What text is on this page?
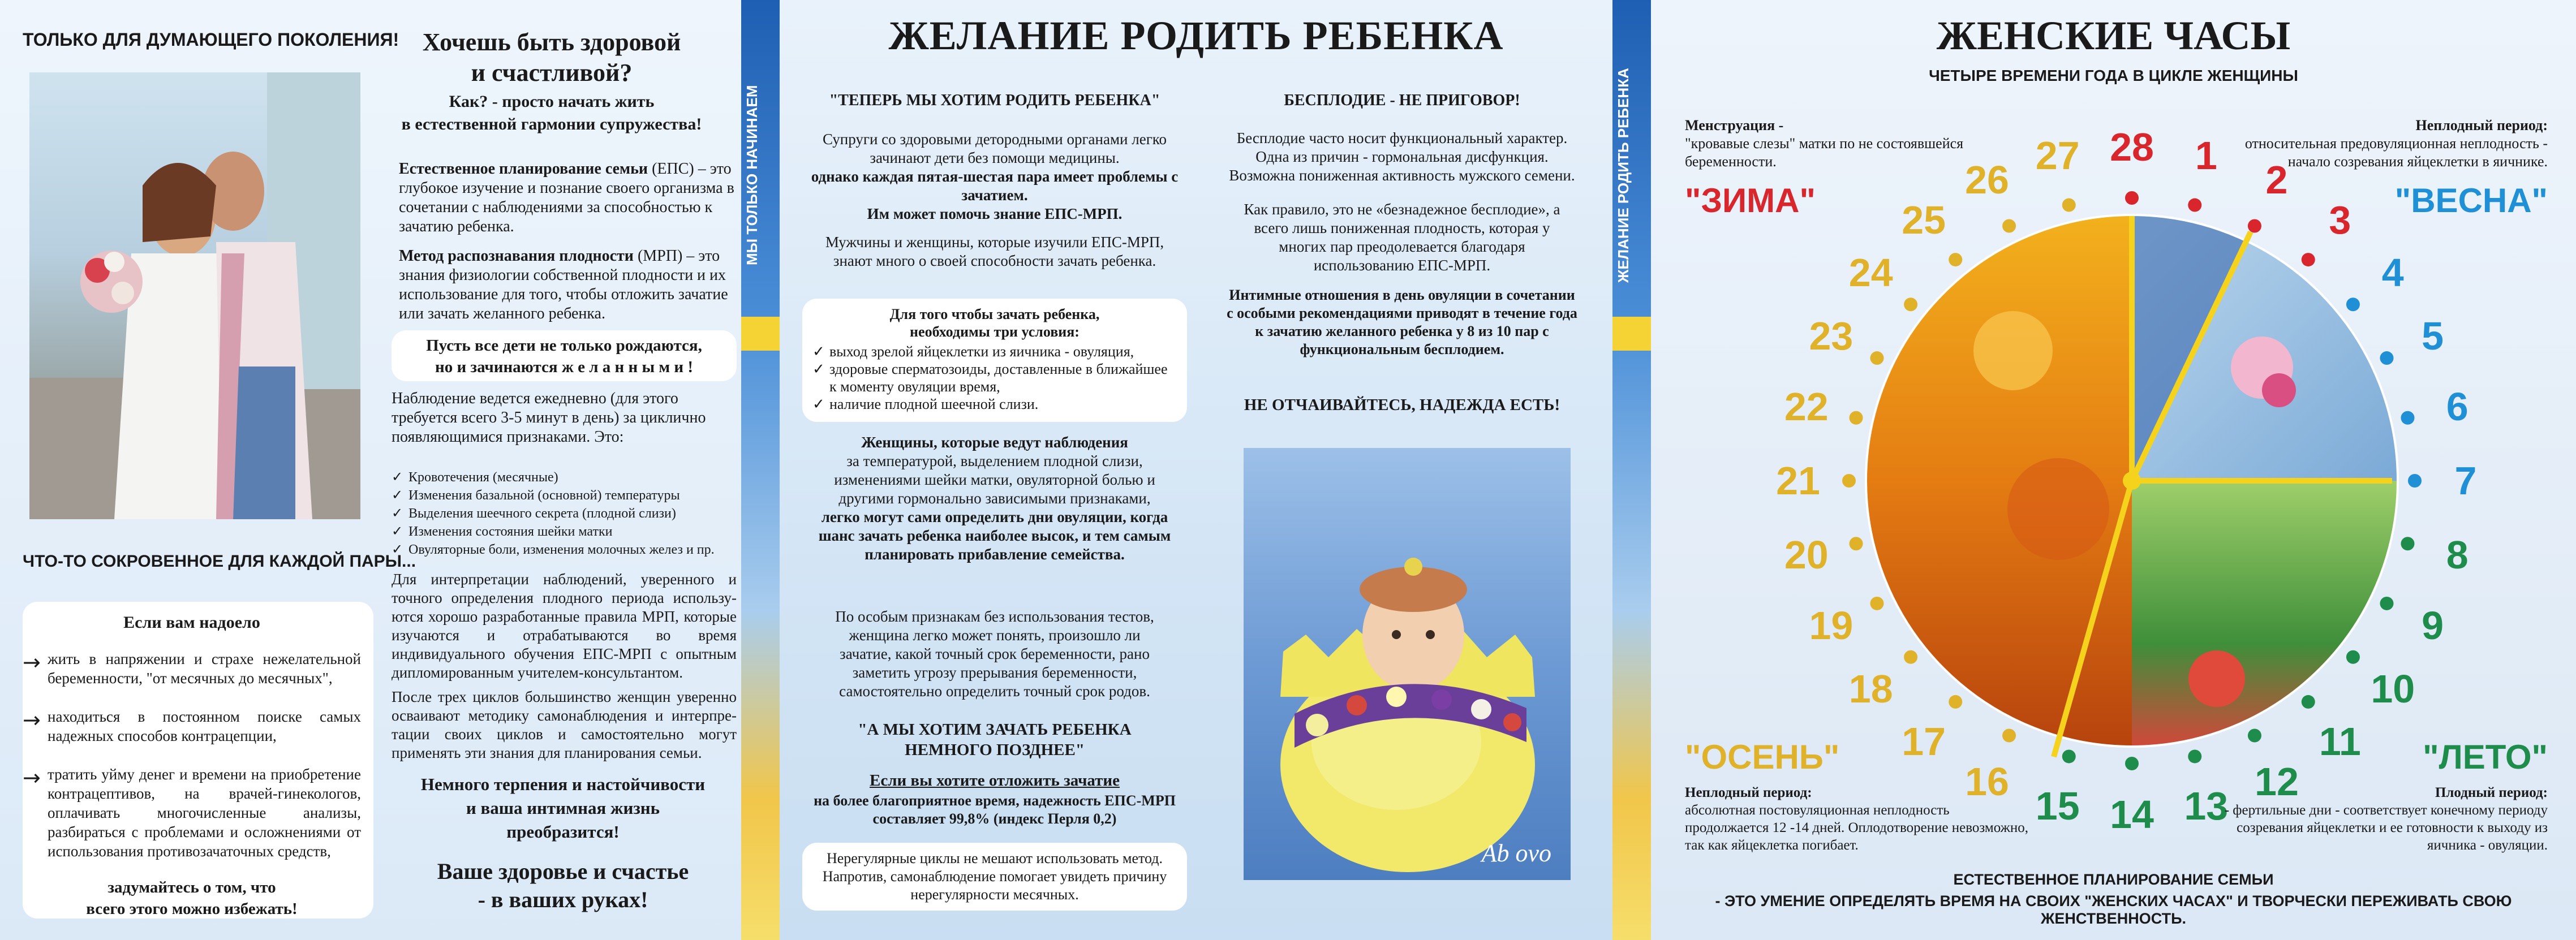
ТОЛЬКО ДЛЯ ДУМАЮЩЕГО ПОКОЛЕНИЯ! Хочешь быть здоровой
и счастливой?
Как? - просто начать жить
в естественной гармонии супружества!
Естественное планирование семьи (ЕПС) – это глубокое изучение и познание своего организма в сочетании с наблюдениями за способностью к зачатию ребенка.
Метод распознавания плодности (МРП) – это знания физиологии собственной плодности и их использование для того, чтобы отложить зачатие или зачать желанного ребенка.
Пусть все дети не только рождаются,
но и зачинаются ж е л а н н ы м и !
Наблюдение ведется ежедневно (для этого требуется всего 3-5 минут в день) за циклично появляющимися признаками. Это:
✓ Кровотечения (месячные)
✓ Изменения базальной (основной) температуры
✓ Выделения шеечного секрета (плодной слизи)
✓ Изменения состояния шейки матки
✓ Овуляторные боли, изменения молочных желез и пр.
Для интерпретации наблюдений, уверенного и точного определения плодного периода использу-ются хорошо разработанные правила МРП, которые изучаются и отрабатываются во время индивидуального обучения ЕПС-МРП с опытным дипломированным учителем-консультантом.
После трех циклов большинство женщин уверенно осваивают методику самонаблюдения и интерпре-тации своих циклов и самостоятельно могут применять эти знания для планирования семьи.
Немного терпения и настойчивости
и ваша интимная жизнь
преобразится!
Ваше здоровье и счастье
- в ваших руках!
ЧТО-ТО СОКРОВЕННОЕ ДЛЯ КАЖДОЙ ПАРЫ...
Если вам надоело
→ жить в напряжении и страхе нежелательной беременности, "от месячных до месячных",
→ находиться в постоянном поиске самых надежных способов контрацепции,
→ тратить уйму денег и времени на приобретение контрацептивов, на врачей-гинекологов, оплачивать многочисленные анализы, разбираться с проблемами и осложнениями от использования противозачаточных средств,
задумайтесь о том, что
всего этого можно избежать!
МЫ ТОЛЬКО НАЧИНАЕМ
ЖЕЛАНИЕ РОДИТЬ РЕБЕНКА
"ТЕПЕРЬ МЫ ХОТИМ РОДИТЬ РЕБЕНКА"
Супруги со здоровыми детородными органами легко зачинают дети без помощи медицины.
однако каждая пятая-шестая пара имеет проблемы с зачатием.
Им может помочь знание ЕПС-МРП.
Мужчины и женщины, которые изучили ЕПС-МРП, знают много о своей способности зачать ребенка.
Для того чтобы зачать ребенка,
необходимы три условия:
✓ выход зрелой яйцеклетки из яичника - овуляция,
✓ здоровые сперматозоиды, доставленные в ближайшее к моменту овуляции время,
✓ наличие плодной шеечной слизи.
Женщины, которые ведут наблюдения
за температурой, выделением плодной слизи, изменениями шейки матки, овуляторной болью и другими гормонально зависимыми признаками,
легко могут сами определить дни овуляции, когда шанс зачать ребенка наиболее высок, и тем самым планировать прибавление семейства.
По особым признакам без использования тестов, женщина легко может понять, произошло ли зачатие, какой точный срок беременности, рано заметить угрозу прерывания беременности, самостоятельно определить точный срок родов.
"А МЫ ХОТИМ ЗАЧАТЬ РЕБЕНКА
НЕМНОГО ПОЗДНЕЕ"
Если вы хотите отложить зачатие
на более благоприятное время, надежность ЕПС-МРП составляет 99,8% (индекс Перля 0,2)
Нерегулярные циклы не мешают использовать метод. Напротив, самонаблюдение помогает увидеть причину нерегулярности месячных.
БЕСПЛОДИЕ - НЕ ПРИГОВОР!
Бесплодие часто носит функциональный характер. Одна из причин - гормональная дисфункция. Возможна пониженная активность мужского семени.
Как правило, это не «безнадежное бесплодие», а всего лишь пониженная плодность, которая у многих пар преодолевается благодаря использованию ЕПС-МРП.
Интимные отношения в день овуляции в сочетании с особыми рекомендациями приводят в течение года к зачатию желанного ребенка у 8 из 10 пар с функциональным бесплодием.
НЕ ОТЧАИВАЙТЕСЬ, НАДЕЖДА ЕСТЬ!
Ab ovo
ЖЕЛАНИЕ РОДИТЬ РЕБЕНКА
ЖЕНСКИЕ ЧАСЫ
ЧЕТЫРЕ ВРЕМЕНИ ГОДА В ЦИКЛЕ ЖЕНЩИНЫ
Менструация -
"кровавые слезы" матки по не состоявшейся беременности.
Неплодный период:
относительная предовуляционная неплодность - начало созревания яйцеклетки в яичнике.
"ЗИМА"	"ВЕСНА"
"ОСЕНЬ"	"ЛЕТО"
28 1
2
3
4
5
6
7
8
9
10
11
12
13
14
15
16
17
18
19
20
21
22
23
24
25
26
27
Неплодный период:
абсолютная постовуляционная неплодность продолжается 12 -14 дней. Оплодотворение невозможно, так как яйцеклетка погибает.
Плодный период:
- фертильные дни - соответствует конечному периоду созревания яйцеклетки и ее готовности к выходу из яичника - овуляции.
ЕСТЕСТВЕННОЕ ПЛАНИРОВАНИЕ СЕМЬИ
- ЭТО УМЕНИЕ ОПРЕДЕЛЯТЬ ВРЕМЯ НА СВОИХ "ЖЕНСКИХ ЧАСАХ" И ТВОРЧЕСКИ ПЕРЕЖИВАТЬ СВОЮ ЖЕНСТВЕННОСТЬ.
